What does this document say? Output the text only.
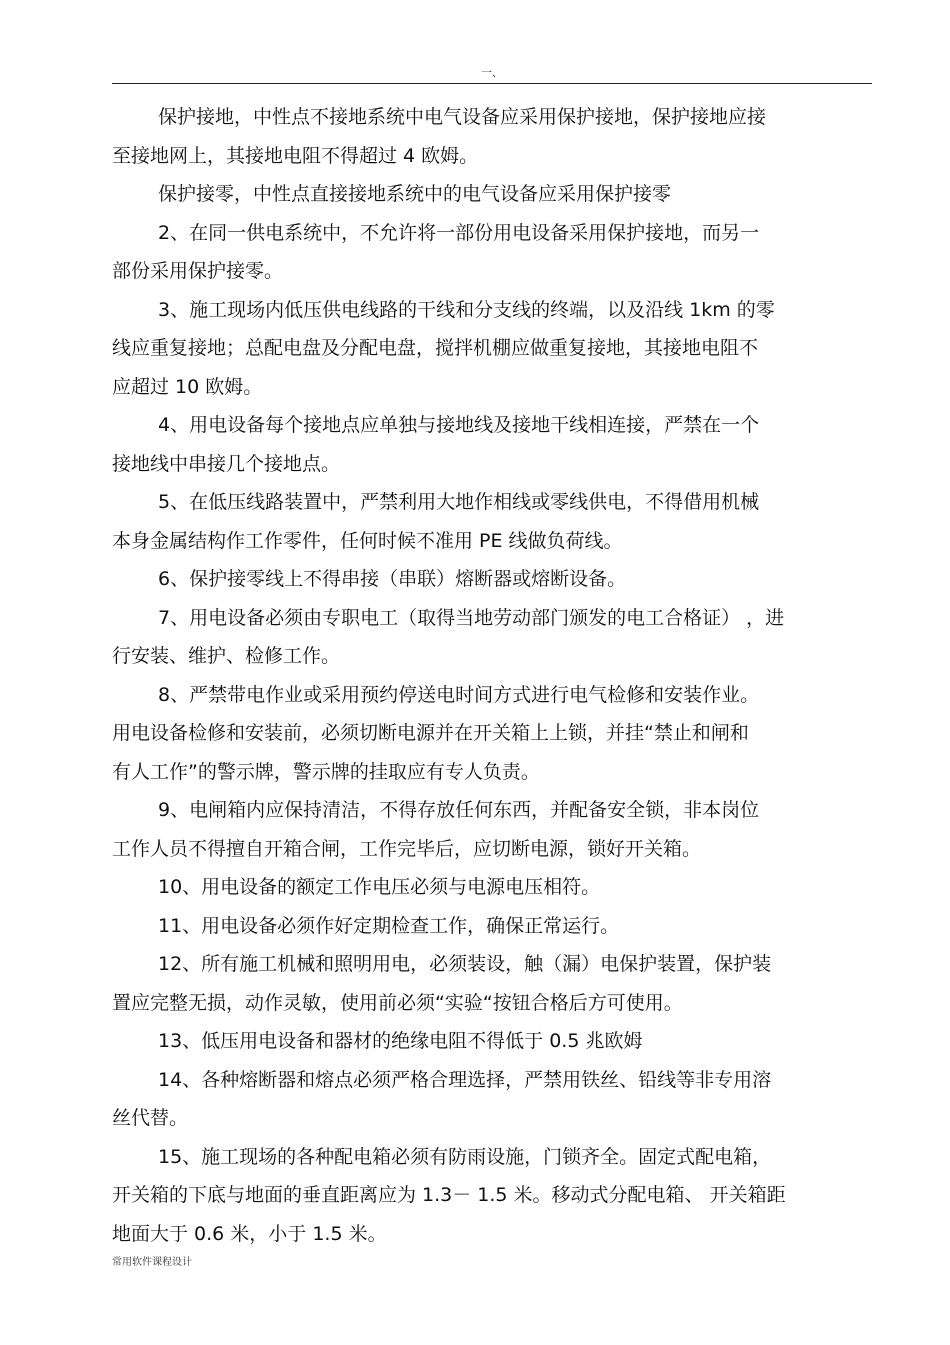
一、
保护接地，中性点不接地系统中电气设备应采用保护接地，保护接地应接
至接地网上，其接地电阻不得超过 4 欧姆。
保护接零，中性点直接接地系统中的电气设备应采用保护接零
2、在同一供电系统中，不允许将一部份用电设备采用保护接地，而另一
部份采用保护接零。
3、施工现场内低压供电线路的干线和分支线的终端，以及沿线 1km 的零
线应重复接地；总配电盘及分配电盘，搅拌机棚应做重复接地，其接地电阻不
应超过 10 欧姆。
4、用电设备每个接地点应单独与接地线及接地干线相连接，严禁在一个
接地线中串接几个接地点。
5、在低压线路装置中，严禁利用大地作相线或零线供电，不得借用机械
本身金属结构作工作零件，任何时候不准用 PE 线做负荷线。
6、保护接零线上不得串接（串联）熔断器或熔断设备。
7、用电设备必须由专职电工（取得当地劳动部门颁发的电工合格证） ，进
行安装、维护、检修工作。
8、严禁带电作业或采用预约停送电时间方式进行电气检修和安装作业。
用电设备检修和安装前，必须切断电源并在开关箱上上锁，并挂“禁止和闸和
有人工作”的警示牌，警示牌的挂取应有专人负责。
9、电闸箱内应保持清洁，不得存放任何东西，并配备安全锁，非本岗位
工作人员不得擅自开箱合闸，工作完毕后，应切断电源，锁好开关箱。
10、用电设备的额定工作电压必须与电源电压相符。
11、用电设备必须作好定期检查工作，确保正常运行。
12、所有施工机械和照明用电，必须装设，触（漏）电保护装置，保护装
置应完整无损，动作灵敏，使用前必须“实验“按钮合格后方可使用。
13、低压用电设备和器材的绝缘电阻不得低于 0.5 兆欧姆
14、各种熔断器和熔点必须严格合理选择，严禁用铁丝、铅线等非专用溶
丝代替。
15、施工现场的各种配电箱必须有防雨设施，门锁齐全。固定式配电箱，
开关箱的下底与地面的垂直距离应为 1.3－ 1.5 米。移动式分配电箱、 开关箱距
地面大于 0.6 米，小于 1.5 米。
常用软件课程设计
